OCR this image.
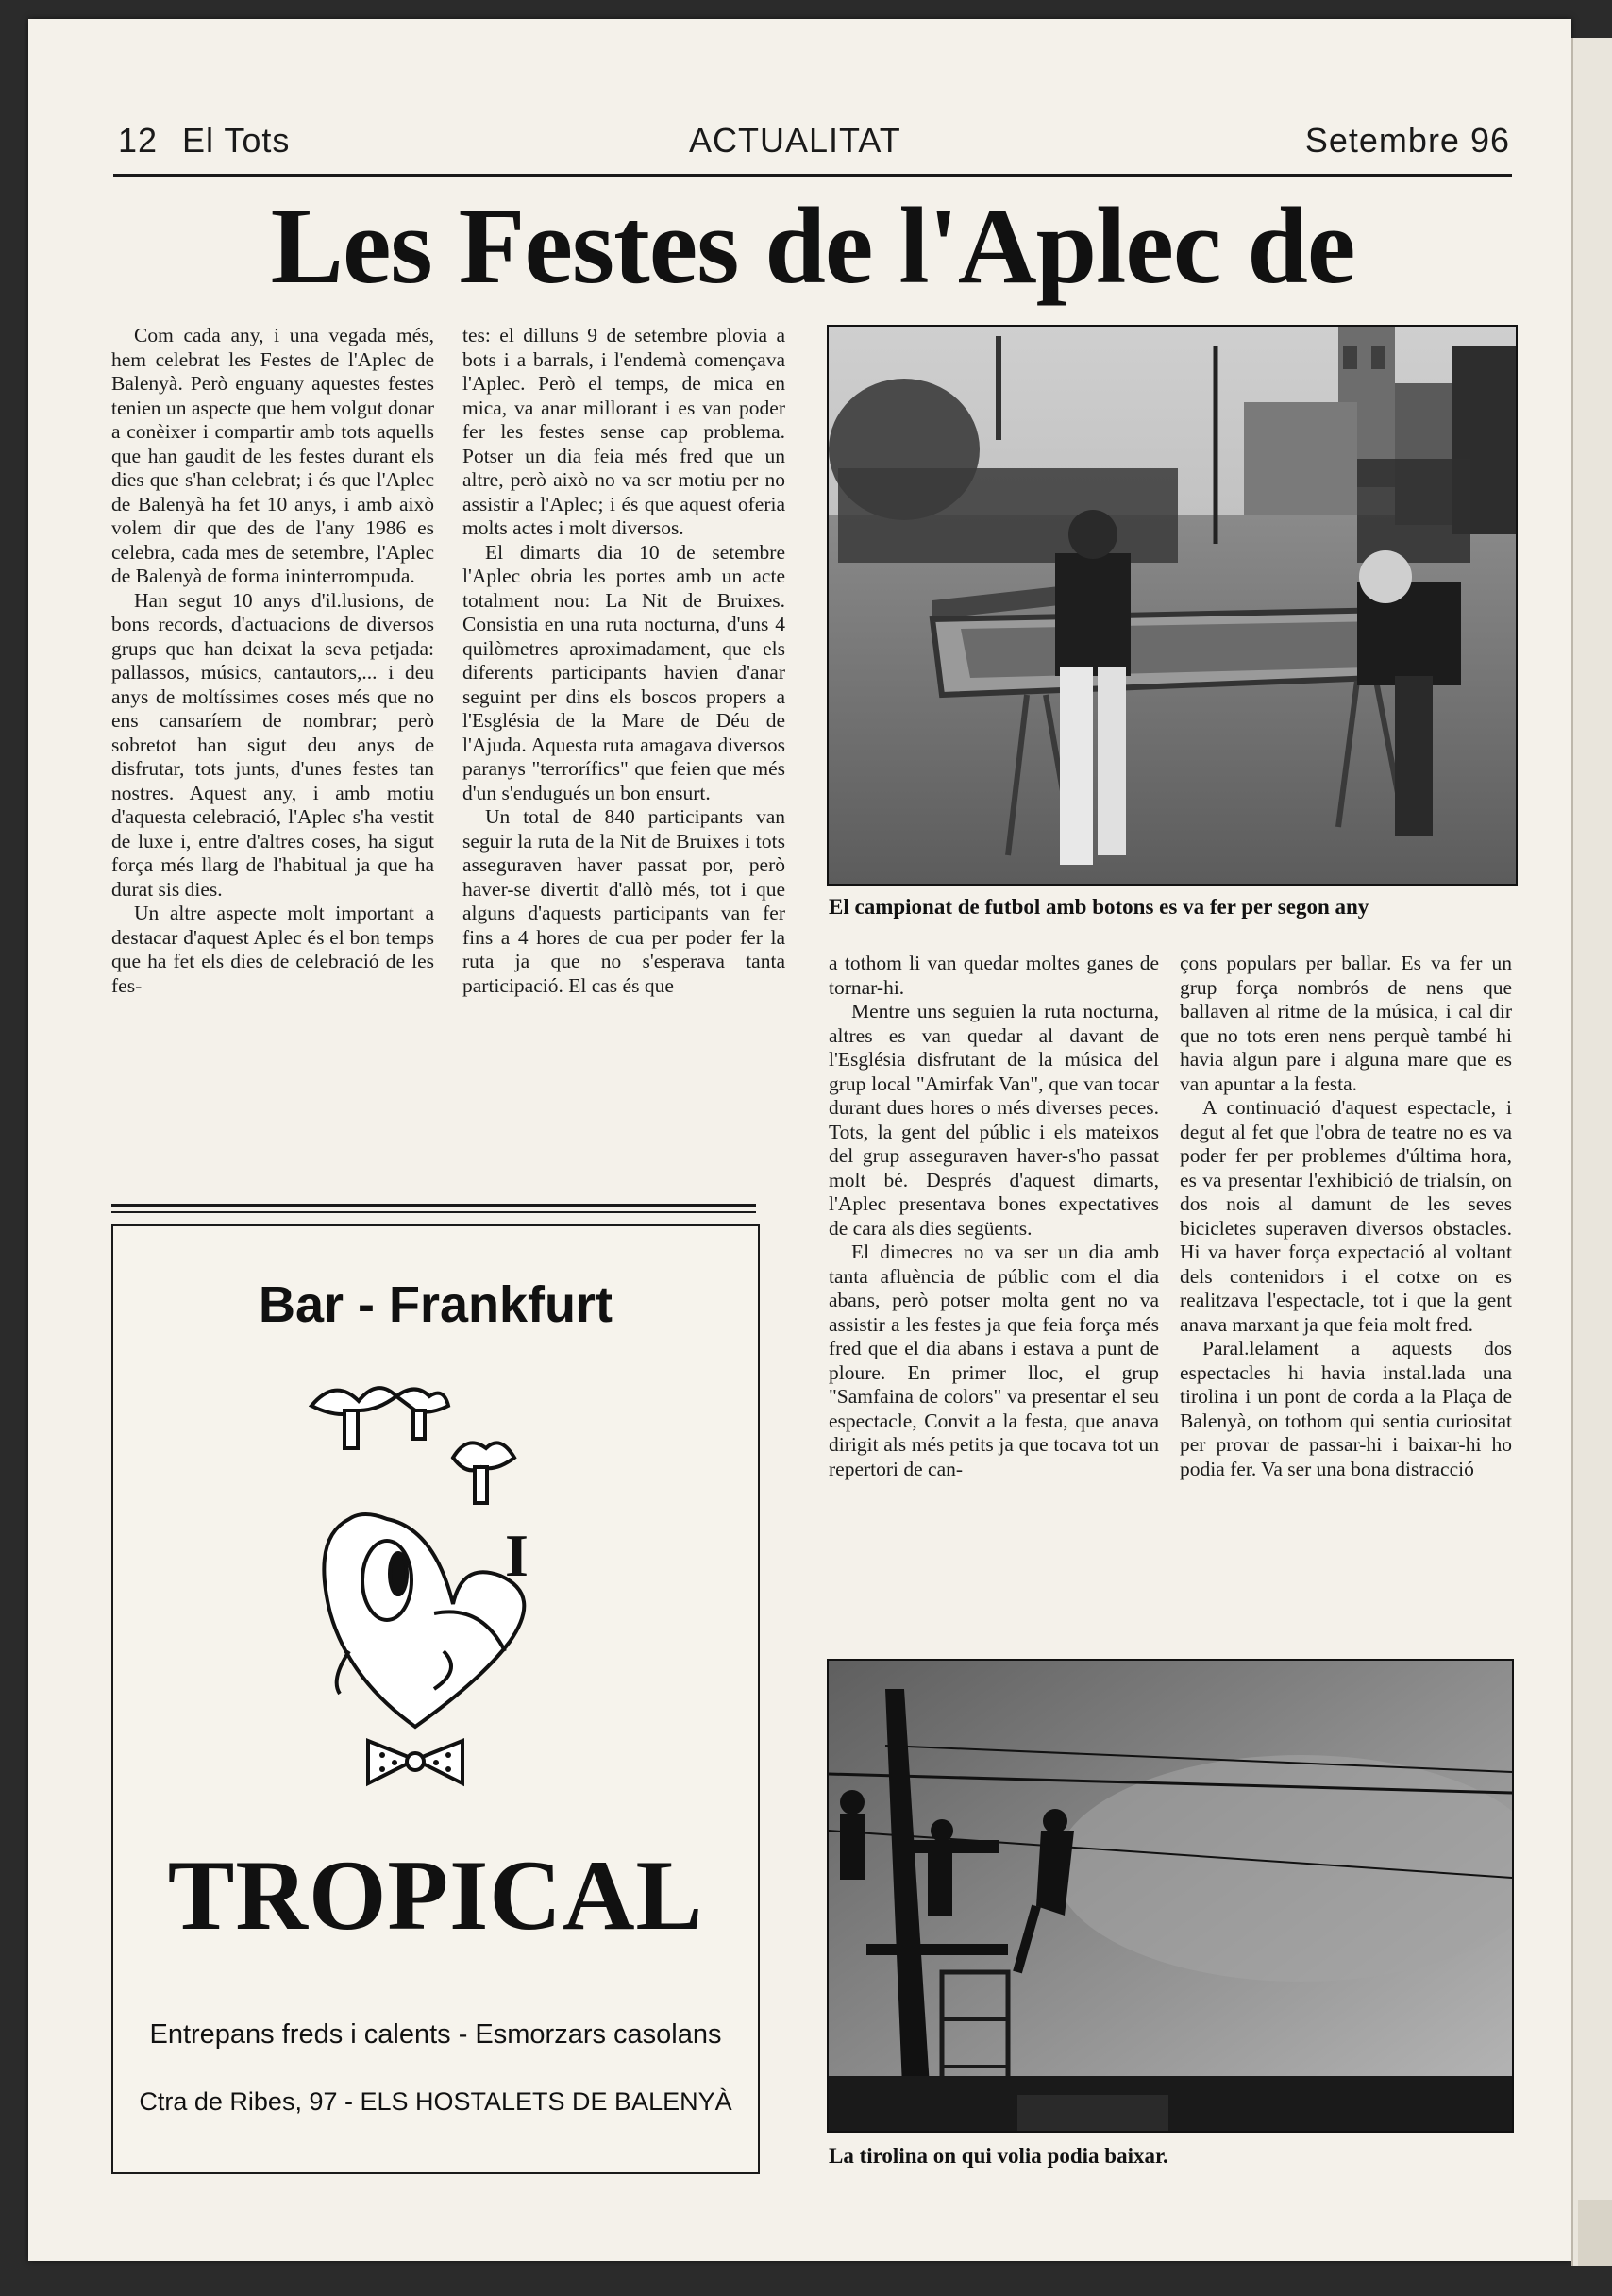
12 El Tots	ACTUALITAT	Setembre 96
Les Festes de l'Aplec de

Com cada any, i una vegada més, hem celebrat les Festes de l'Aplec de Balenyà. Però enguany aquestes festes tenien un aspecte que hem volgut donar a conèixer i compartir amb tots aquells que han gaudit de les festes durant els dies que s'han celebrat; i és que l'Aplec de Balenyà ha fet 10 anys, i amb això volem dir que des de l'any 1986 es celebra, cada mes de setembre, l'Aplec de Balenyà de forma ininterrompuda.

Han segut 10 anys d'il.lusions, de bons records, d'actuacions de diversos grups que han deixat la seva petjada: pallassos, músics, cantautors,... i deu anys de moltíssimes coses més que no ens cansaríem de nombrar; però sobretot han sigut deu anys de disfrutar, tots junts, d'unes festes tan nostres. Aquest any, i amb motiu d'aquesta celebració, l'Aplec s'ha vestit de luxe i, entre d'altres coses, ha sigut força més llarg de l'habitual ja que ha durat sis dies.

Un altre aspecte molt important a destacar d'aquest Aplec és el bon temps que ha fet els dies de celebració de les fes-

tes: el dilluns 9 de setembre plovia a bots i a barrals, i l'endemà començava l'Aplec. Però el temps, de mica en mica, va anar millorant i es van poder fer les festes sense cap problema. Potser un dia feia més fred que un altre, però això no va ser motiu per no assistir a l'Aplec; i és que aquest oferia molts actes i molt diversos.

El dimarts dia 10 de setembre l'Aplec obria les portes amb un acte totalment nou: La Nit de Bruixes. Consistia en una ruta nocturna, d'uns 4 quilòmetres aproximadament, que els diferents participants havien d'anar seguint per dins els boscos propers a l'Església de la Mare de Déu de l'Ajuda. Aquesta ruta amagava diversos paranys "terrorífics" que feien que més d'un s'endugués un bon ensurt.

Un total de 840 participants van seguir la ruta de la Nit de Bruixes i tots asseguraven haver passat por, però haver-se divertit d'allò més, tot i que alguns d'aquests participants van fer fins a 4 hores de cua per poder fer la ruta ja que no s'esperava tanta participació. El cas és que

a tothom li van quedar moltes ganes de tornar-hi.

Mentre uns seguien la ruta nocturna, altres es van quedar al davant de l'Església disfrutant de la música del grup local "Amirfak Van", que van tocar durant dues hores o més diverses peces. Tots, la gent del públic i els mateixos del grup asseguraven haver-s'ho passat molt bé. Després d'aquest dimarts, l'Aplec presentava bones expectatives de cara als dies següents.

El dimecres no va ser un dia amb tanta afluència de públic com el dia abans, però potser molta gent no va assistir a les festes ja que feia força més fred que el dia abans i estava a punt de ploure. En primer lloc, el grup "Samfaina de colors" va presentar el seu espectacle, Convit a la festa, que anava dirigit als més petits ja que tocava tot un repertori de can-

çons populars per ballar. Es va fer un grup força nombrós de nens que ballaven al ritme de la música, i cal dir que no tots eren nens perquè també hi havia algun pare i alguna mare que es van apuntar a la festa.

A continuació d'aquest espectacle, i degut al fet que l'obra de teatre no es va poder fer per problemes d'última hora, es va presentar l'exhibició de trialsín, on dos nois al damunt de les seves bicicletes superaven diversos obstacles. Hi va haver força expectació al voltant dels contenidors i el cotxe on es realitzava l'espectacle, tot i que la gent anava marxant ja que feia molt fred.

Paral.lelament a aquests dos espectacles hi havia instal.lada una tirolina i un pont de corda a la Plaça de Balenyà, on tothom qui sentia curiositat per provar de passar-hi i baixar-hi ho podia fer. Va ser una bona distracció

El campionat de futbol amb botons es va fer per segon any
La tirolina on qui volia podia baixar.
Bar - Frankfurt
I
TROPICAL
Entrepans freds i calents - Esmorzars casolans
Ctra de Ribes, 97 - ELS HOSTALETS DE BALENYÀ
